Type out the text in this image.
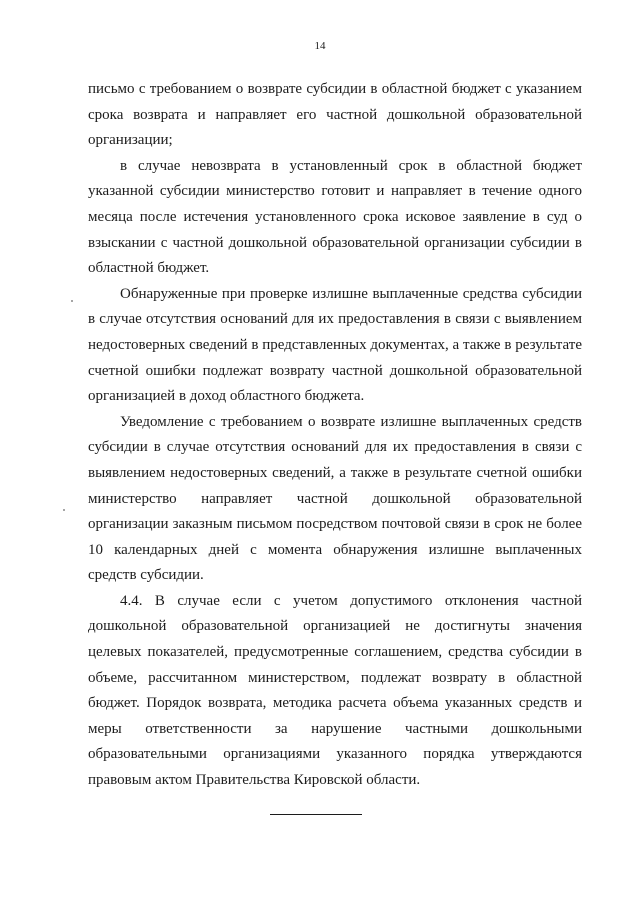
14

письмо с требованием о возврате субсидии в областной бюджет с указанием срока возврата и направляет его частной дошкольной образовательной организации;

в случае невозврата в установленный срок в областной бюджет указанной субсидии министерство готовит и направляет в течение одного месяца после истечения установленного срока исковое заявление в суд о взыскании с частной дошкольной образовательной организации субсидии в областной бюджет.

Обнаруженные при проверке излишне выплаченные средства субсидии в случае отсутствия оснований для их предоставления в связи с выявлением недостоверных сведений в представленных документах, а также в результате счетной ошибки подлежат возврату частной дошкольной образовательной организацией в доход областного бюджета.

Уведомление с требованием о возврате излишне выплаченных средств субсидии в случае отсутствия оснований для их предоставления в связи с выявлением недостоверных сведений, а также в результате счетной ошибки министерство направляет частной дошкольной образовательной организации заказным письмом посредством почтовой связи в срок не более 10 календарных дней с момента обнаружения излишне выплаченных средств субсидии.

4.4. В случае если с учетом допустимого отклонения частной дошкольной образовательной организацией не достигнуты значения целевых показателей, предусмотренные соглашением, средства субсидии в объеме, рассчитанном министерством, подлежат возврату в областной бюджет. Порядок возврата, методика расчета объема указанных средств и меры ответственности за нарушение частными дошкольными образовательными организациями указанного порядка утверждаются правовым актом Правительства Кировской области.
